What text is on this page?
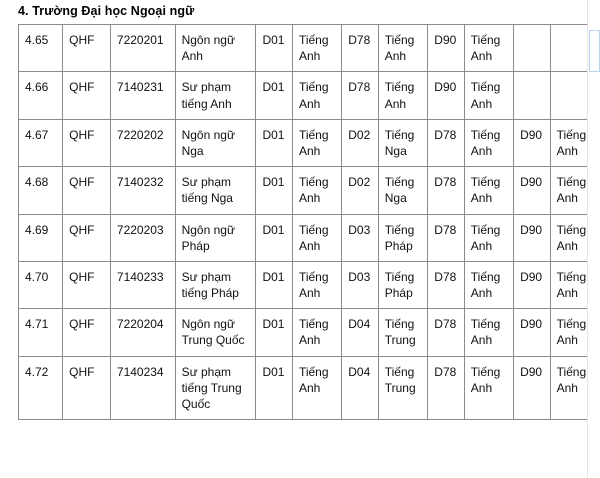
4. Trường Đại học Ngoại ngữ
4.65	QHF	7220201	Ngôn ngữ Anh	D01	Tiếng Anh	D78	Tiếng Anh	D90	Tiếng Anh		
4.66	QHF	7140231	Sư phạm tiếng Anh	D01	Tiếng Anh	D78	Tiếng Anh	D90	Tiếng Anh		
4.67	QHF	7220202	Ngôn ngữ Nga	D01	Tiếng Anh	D02	Tiếng Nga	D78	Tiếng Anh	D90	Tiếng Anh
4.68	QHF	7140232	Sư phạm tiếng Nga	D01	Tiếng Anh	D02	Tiếng Nga	D78	Tiếng Anh	D90	Tiếng Anh
4.69	QHF	7220203	Ngôn ngữ Pháp	D01	Tiếng Anh	D03	Tiếng Pháp	D78	Tiếng Anh	D90	Tiếng Anh
4.70	QHF	7140233	Sư phạm tiếng Pháp	D01	Tiếng Anh	D03	Tiếng Pháp	D78	Tiếng Anh	D90	Tiếng Anh
4.71	QHF	7220204	Ngôn ngữ Trung Quốc	D01	Tiếng Anh	D04	Tiếng Trung	D78	Tiếng Anh	D90	Tiếng Anh
4.72	QHF	7140234	Sư phạm tiếng Trung Quốc	D01	Tiếng Anh	D04	Tiếng Trung	D78	Tiếng Anh	D90	Tiếng Anh
